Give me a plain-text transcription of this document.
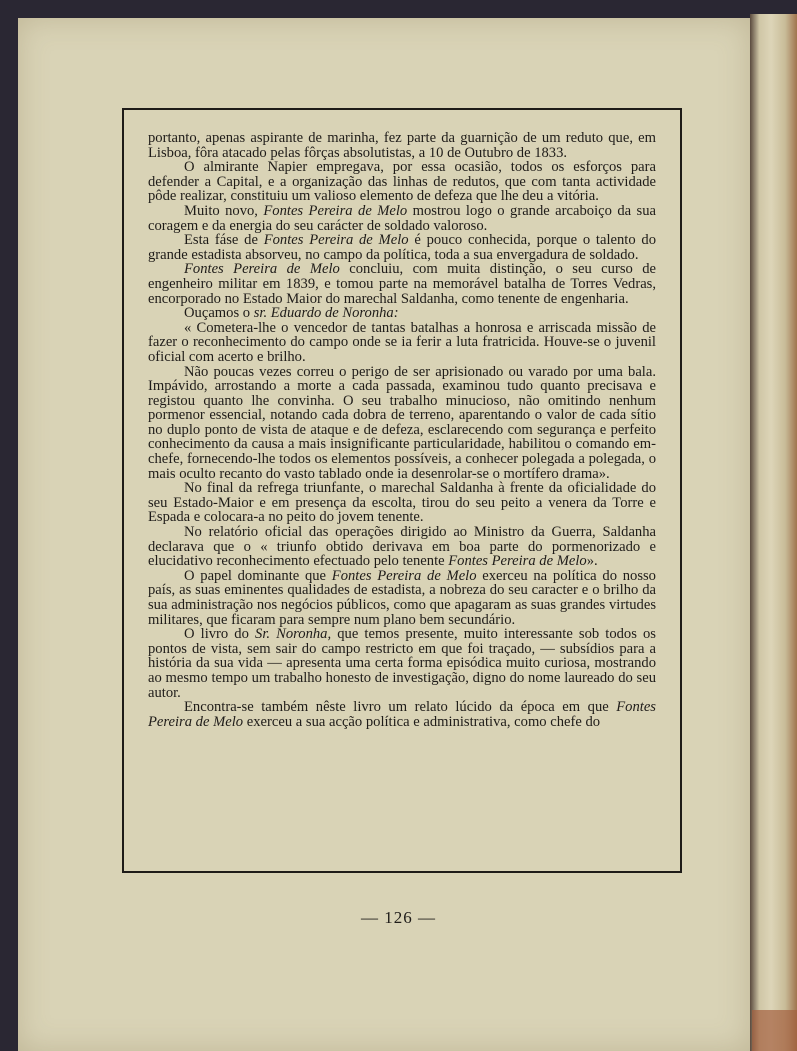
portanto, apenas aspirante de marinha, fez parte da guarnição de um reduto que, em Lisboa, fôra atacado pelas fôrças absolutistas, a 10 de Outubro de 1833.

O almirante Napier empregava, por essa ocasião, todos os esforços para defender a Capital, e a organização das linhas de redutos, que com tanta actividade pôde realizar, constituiu um valioso elemento de defeza que lhe deu a vitória.

Muito novo, Fontes Pereira de Melo mostrou logo o grande arcaboiço da sua coragem e da energia do seu carácter de soldado valoroso.

Esta fáse de Fontes Pereira de Melo é pouco conhecida, porque o talento do grande estadista absorveu, no campo da política, toda a sua envergadura de soldado.

Fontes Pereira de Melo concluiu, com muita distinção, o seu curso de engenheiro militar em 1839, e tomou parte na memorável batalha de Torres Vedras, encorporado no Estado Maior do marechal Saldanha, como tenente de engenharia.

Ouçamos o sr. Eduardo de Noronha:

« Cometera-lhe o vencedor de tantas batalhas a honrosa e arriscada missão de fazer o reconhecimento do campo onde se ia ferir a luta fratricida. Houve-se o juvenil oficial com acerto e brilho.

Não poucas vezes correu o perigo de ser aprisionado ou varado por uma bala. Impávido, arrostando a morte a cada passada, examinou tudo quanto precisava e registou quanto lhe convinha. O seu trabalho minucioso, não omitindo nenhum pormenor essencial, notando cada dobra de terreno, aparentando o valor de cada sítio no duplo ponto de vista de ataque e de defeza, esclarecendo com segurança e perfeito conhecimento da causa a mais insignificante particularidade, habilitou o comando em-chefe, fornecendo-lhe todos os elementos possíveis, a conhecer polegada a polegada, o mais oculto recanto do vasto tablado onde ia desenrolar-se o mortífero drama».

No final da refrega triunfante, o marechal Saldanha à frente da oficialidade do seu Estado-Maior e em presença da escolta, tirou do seu peito a venera da Torre e Espada e colocara-a no peito do jovem tenente.

No relatório oficial das operações dirigido ao Ministro da Guerra, Saldanha declarava que o « triunfo obtido derivava em boa parte do pormenorizado e elucidativo reconhecimento efectuado pelo tenente Fontes Pereira de Melo».

O papel dominante que Fontes Pereira de Melo exerceu na política do nosso país, as suas eminentes qualidades de estadista, a nobreza do seu caracter e o brilho da sua administração nos negócios públicos, como que apagaram as suas grandes virtudes militares, que ficaram para sempre num plano bem secundário.

O livro do Sr. Noronha, que temos presente, muito interessante sob todos os pontos de vista, sem sair do campo restricto em que foi traçado, — subsídios para a história da sua vida — apresenta uma certa forma episódica muito curiosa, mostrando ao mesmo tempo um trabalho honesto de investigação, digno do nome laureado do seu autor.

Encontra-se também nêste livro um relato lúcido da época em que Fontes Pereira de Melo exerceu a sua acção política e administrativa, como chefe do

— 126 —
